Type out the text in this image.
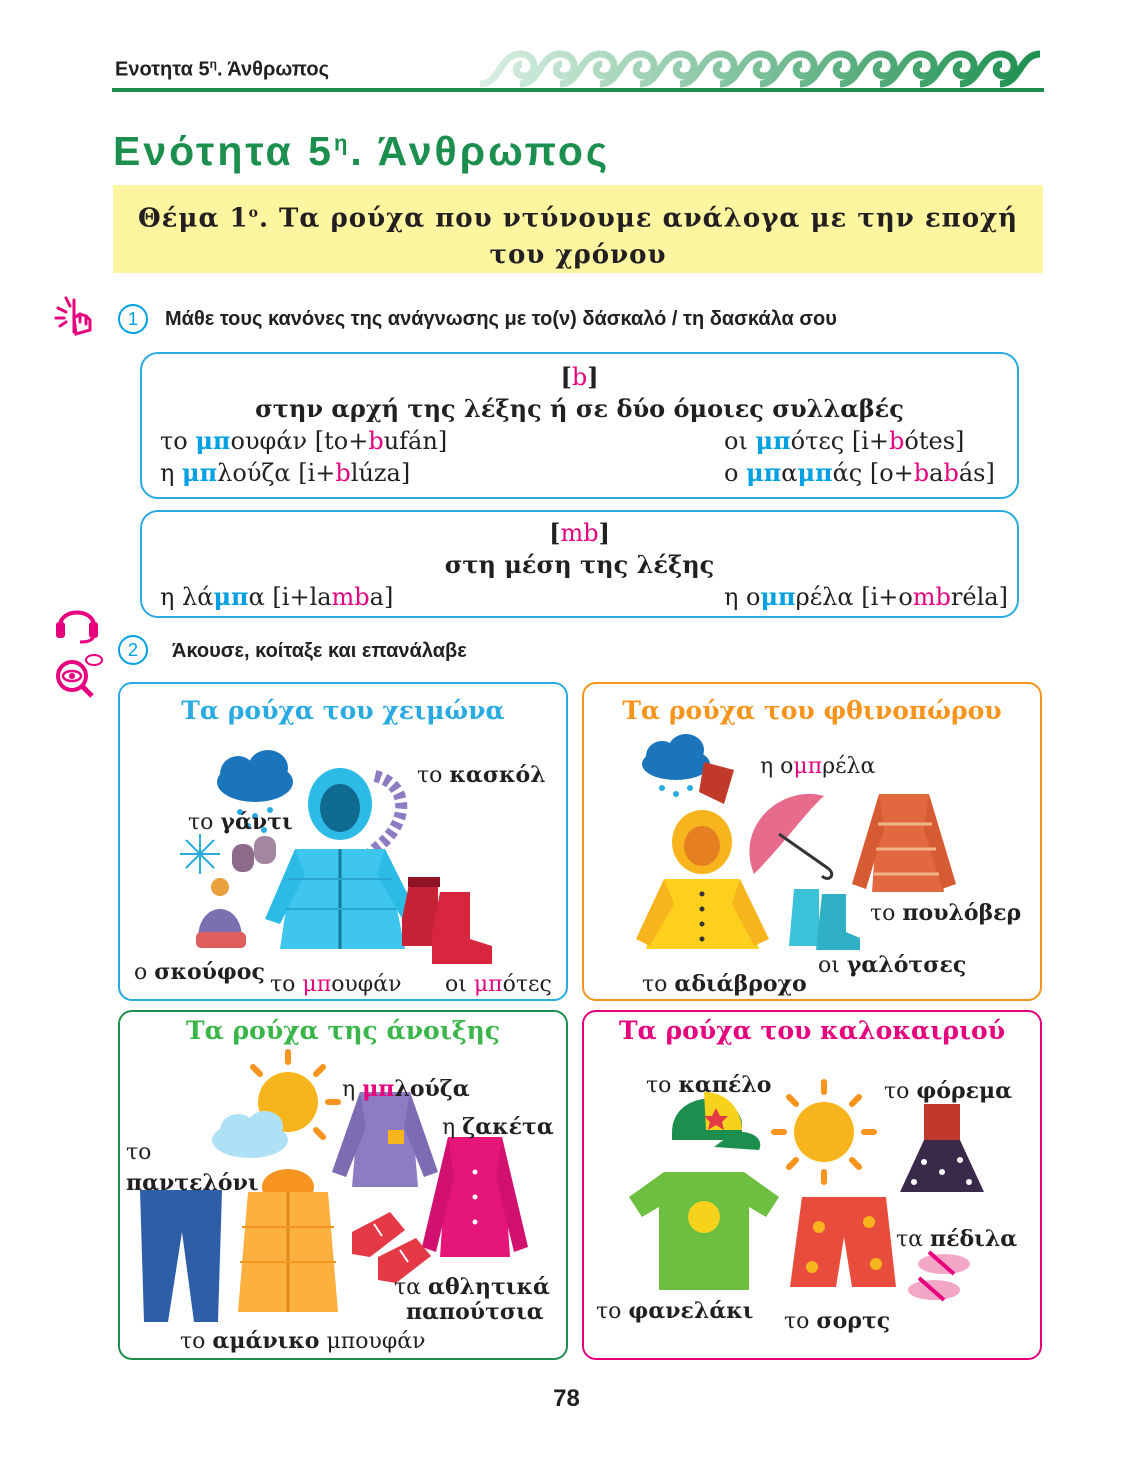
Ενοτητα $5^\eta$. Άνθρωπος
Ενότητα $5^\eta$. Άνθρωπος
Θέμα $1^o$. Τα ρούχα που ντύνουμε ανάλογα με την εποχή
του χρόνου
1	Μάθε τους κανόνες της ανάγνωσης με το(ν) δάσκαλό / τη δασκάλα σου
[b]
στην αρχή της λέξης ή σε δύο όμοιες συλλαβές
το μπουφάν [to+bufán]	οι μπότες [i+bótes]
η μπλούζα [i+blúza]	ο μπαμπάς [o+babás]
[mb]
στη μέση της λέξης
η λάμπα [i+lamba]	η ομπρέλα [i+ombréla]
2	Άκουσε, κοίταξε και επανάλαβε
Τα ρούχα του χειμώνα
το κασκόλ
το γάντι
ο σκούφος το μπουφάν οι μπότες
Τα ρούχα του φθινοπώρου
η ομπρέλα
το πουλόβερ
οι γαλότσες
το αδιάβροχο
Τα ρούχα της άνοιξης
η μπλούζα
η ζακέτα
το
παντελόνι
τα αθλητικά
παπούτσια
το αμάνικο μπουφάν
Τα ρούχα του καλοκαιριού
το καπέλο	το φόρεμα
τα πέδιλα
το φανελάκι το σορτς
78
